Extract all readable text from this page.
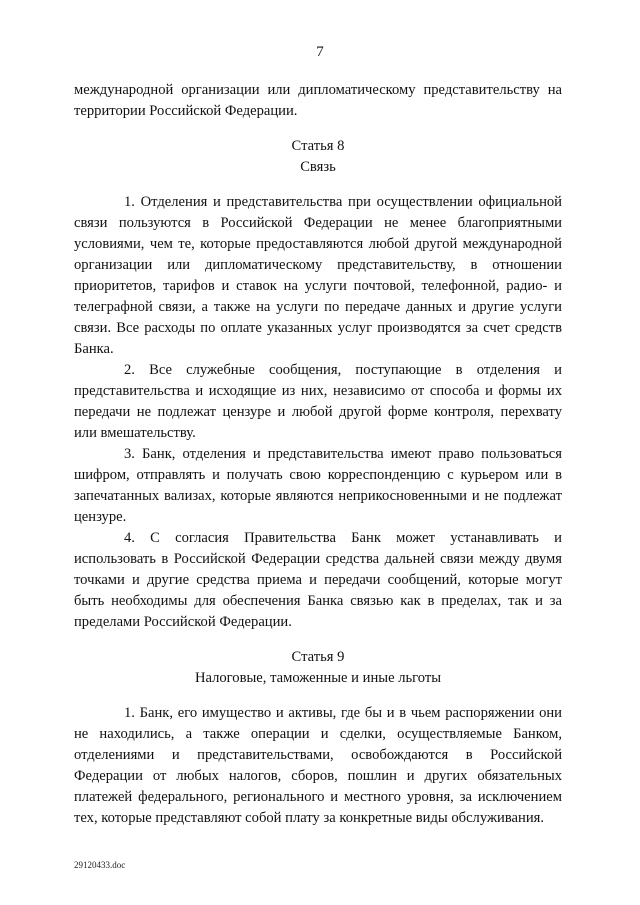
7

международной организации или дипломатическому представительству на территории Российской Федерации.

Статья 8
Связь

1. Отделения и представительства при осуществлении официальной связи пользуются в Российской Федерации не менее благоприятными условиями, чем те, которые предоставляются любой другой международной организации или дипломатическому представительству, в отношении приоритетов, тарифов и ставок на услуги почтовой, телефонной, радио- и телеграфной связи, а также на услуги по передаче данных и другие услуги связи. Все расходы по оплате указанных услуг производятся за счет средств Банка.

2. Все служебные сообщения, поступающие в отделения и представительства и исходящие из них, независимо от способа и формы их передачи не подлежат цензуре и любой другой форме контроля, перехвату или вмешательству.

3. Банк, отделения и представительства имеют право пользоваться шифром, отправлять и получать свою корреспонденцию с курьером или в запечатанных вализах, которые являются неприкосновенными и не подлежат цензуре.

4. С согласия Правительства Банк может устанавливать и использовать в Российской Федерации средства дальней связи между двумя точками и другие средства приема и передачи сообщений, которые могут быть необходимы для обеспечения Банка связью как в пределах, так и за пределами Российской Федерации.

Статья 9
Налоговые, таможенные и иные льготы

1. Банк, его имущество и активы, где бы и в чьем распоряжении они не находились, а также операции и сделки, осуществляемые Банком, отделениями и представительствами, освобождаются в Российской Федерации от любых налогов, сборов, пошлин и других обязательных платежей федерального, регионального и местного уровня, за исключением тех, которые представляют собой плату за конкретные виды обслуживания.

29120433.doc
